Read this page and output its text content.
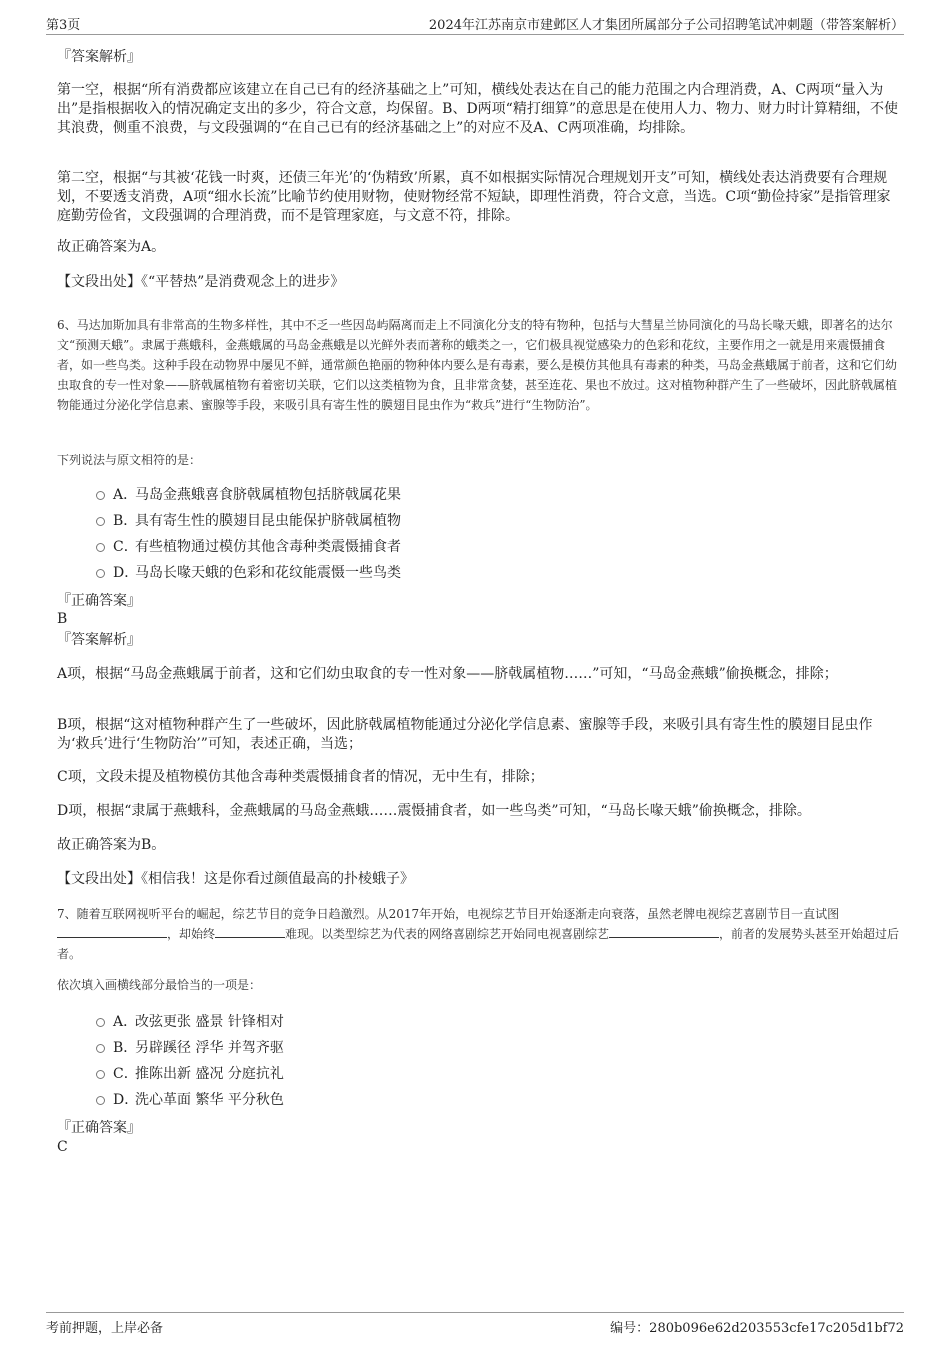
第3页	2024年江苏南京市建邺区人才集团所属部分子公司招聘笔试冲刺题（带答案解析）
『答案解析』
第一空，根据“所有消费都应该建立在自己已有的经济基础之上”可知，横线处表达在自己的能力范围之内合理消费，A、C两项“量入为出”是指根据收入的情况确定支出的多少，符合文意，均保留。B、D两项“精打细算”的意思是在使用人力、物力、财力时计算精细，不使其浪费，侧重不浪费，与文段强调的“在自己已有的经济基础之上”的对应不及A、C两项准确，均排除。
第二空，根据“与其被‘花钱一时爽，还债三年光’的‘伪精致’所累，真不如根据实际情况合理规划开支”可知，横线处表达消费要有合理规划，不要透支消费，A项“细水长流”比喻节约使用财物，使财物经常不短缺，即理性消费，符合文意，当选。C项“勤俭持家”是指管理家庭勤劳俭省，文段强调的合理消费，而不是管理家庭，与文意不符，排除。
故正确答案为A。
【文段出处】《“平替热”是消费观念上的进步》
6、马达加斯加具有非常高的生物多样性，其中不乏一些因岛屿隔离而走上不同演化分支的特有物种，包括与大彗星兰协同演化的马岛长喙天蛾，即著名的达尔文“预测天蛾”。隶属于燕蛾科，金燕蛾属的马岛金燕蛾是以光鲜外表而著称的蛾类之一，它们极具视觉感染力的色彩和花纹，主要作用之一就是用来震慑捕食者，如一些鸟类。这种手段在动物界中屡见不鲜，通常颜色艳丽的物种体内要么是有毒素，要么是模仿其他具有毒素的种类，马岛金燕蛾属于前者，这和它们幼虫取食的专一性对象——脐戟属植物有着密切关联，它们以这类植物为食，且非常贪婪，甚至连花、果也不放过。这对植物种群产生了一些破坏，因此脐戟属植物能通过分泌化学信息素、蜜腺等手段，来吸引具有寄生性的膜翅目昆虫作为“救兵”进行“生物防治”。
下列说法与原文相符的是：
A．马岛金燕蛾喜食脐戟属植物包括脐戟属花果
B．具有寄生性的膜翅目昆虫能保护脐戟属植物
C．有些植物通过模仿其他含毒种类震慑捕食者
D．马岛长喙天蛾的色彩和花纹能震慑一些鸟类
『正确答案』
B
『答案解析』
A项，根据“马岛金燕蛾属于前者，这和它们幼虫取食的专一性对象——脐戟属植物……”可知，“马岛金燕蛾”偷换概念，排除；
B项，根据“这对植物种群产生了一些破坏，因此脐戟属植物能通过分泌化学信息素、蜜腺等手段，来吸引具有寄生性的膜翅目昆虫作为‘救兵’进行‘生物防治’”可知，表述正确，当选；
C项，文段未提及植物模仿其他含毒种类震慑捕食者的情况，无中生有，排除；
D项，根据“隶属于燕蛾科，金燕蛾属的马岛金燕蛾……震慑捕食者，如一些鸟类”可知，“马岛长喙天蛾”偷换概念，排除。
故正确答案为B。
【文段出处】《相信我！这是你看过颜值最高的扑棱蛾子》
7、随着互联网视听平台的崛起，综艺节目的竞争日趋激烈。从2017年开始，电视综艺节目开始逐渐走向衰落，虽然老牌电视综艺喜剧节目一直试图，却始终	难现。以类型综艺为代表的网络喜剧综艺开始同电视喜剧综艺	，前者的发展势头甚至开始超过后者。
依次填入画横线部分最恰当的一项是：
A．改弦更张 盛景 针锋相对
B．另辟蹊径 浮华 并驾齐驱
C．推陈出新 盛况 分庭抗礼
D．洗心革面 繁华 平分秋色
『正确答案』
C
考前押题，上岸必备	编号：280b096e62d203553cfe17c205d1bf72
